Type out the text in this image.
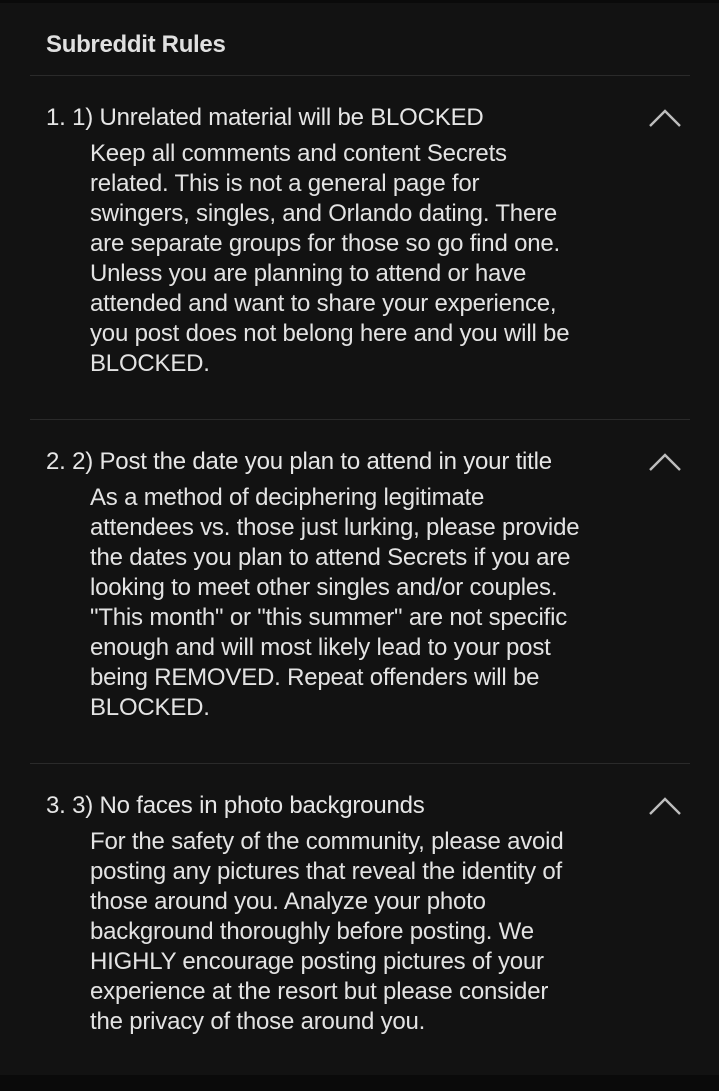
Subreddit Rules
1. 1) Unrelated material will be BLOCKED
Keep all comments and content Secrets
related. This is not a general page for
swingers, singles, and Orlando dating. There
are separate groups for those so go find one.
Unless you are planning to attend or have
attended and want to share your experience,
you post does not belong here and you will be
BLOCKED.
2. 2) Post the date you plan to attend in your title
As a method of deciphering legitimate
attendees vs. those just lurking, please provide
the dates you plan to attend Secrets if you are
looking to meet other singles and/or couples.
"This month" or "this summer" are not specific
enough and will most likely lead to your post
being REMOVED. Repeat offenders will be
BLOCKED.
3. 3) No faces in photo backgrounds
For the safety of the community, please avoid
posting any pictures that reveal the identity of
those around you. Analyze your photo
background thoroughly before posting. We
HIGHLY encourage posting pictures of your
experience at the resort but please consider
the privacy of those around you.
